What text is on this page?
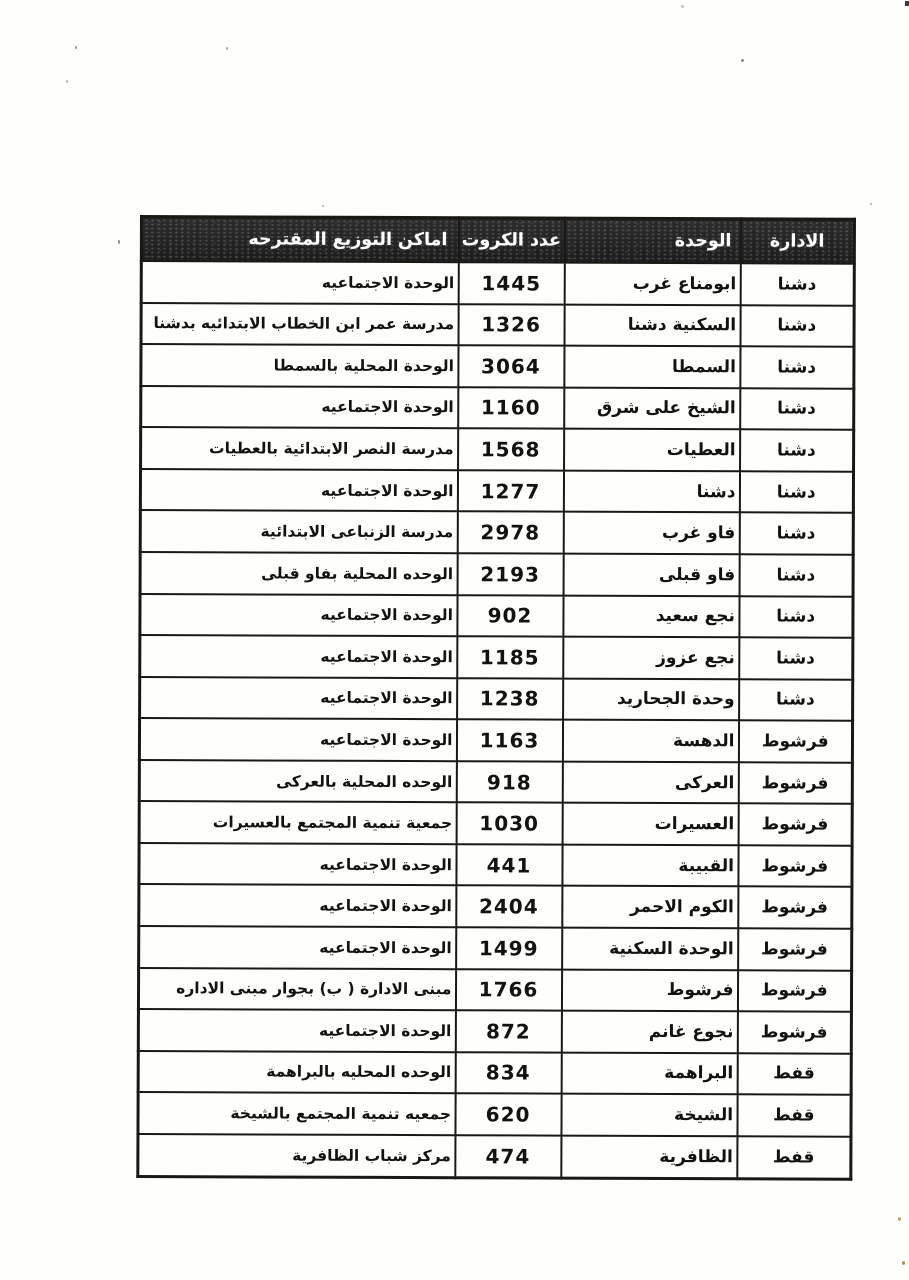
الادارة	الوحدة	عدد الكروت	اماكن التوزيع المقترحه
دشنا	ابومناع غرب	1445	الوحدة الاجتماعيه
دشنا	السكنية دشنا	1326	مدرسة عمر ابن الخطاب الابتدائيه بدشنا
دشنا	السمطا	3064	الوحدة المحلية بالسمطا
دشنا	الشيخ على شرق	1160	الوحدة الاجتماعيه
دشنا	العطيات	1568	مدرسة النصر الابتدائية بالعطيات
دشنا	دشنا	1277	الوحدة الاجتماعيه
دشنا	فاو غرب	2978	مدرسة الزنباعى الابتدائية
دشنا	فاو قبلى	2193	الوحده المحلية بفاو قبلى
دشنا	نجع سعيد	902	الوحدة الاجتماعيه
دشنا	نجع عزوز	1185	الوحدة الاجتماعيه
دشنا	وحدة الجحاريد	1238	الوحدة الاجتماعيه
فرشوط	الدهسة	1163	الوحدة الاجتماعيه
فرشوط	العركى	918	الوحده المحلية بالعركى
فرشوط	العسيرات	1030	جمعية تنمية المجتمع بالعسيرات
فرشوط	القبيبة	441	الوحدة الاجتماعيه
فرشوط	الكوم الاحمر	2404	الوحدة الاجتماعيه
فرشوط	الوحدة السكنية	1499	الوحدة الاجتماعيه
فرشوط	فرشوط	1766	مبنى الادارة ( ب) بجوار مبنى الاداره
فرشوط	نجوع غانم	872	الوحدة الاجتماعيه
قفط	البراهمة	834	الوحده المحليه بالبراهمة
قفط	الشيخة	620	جمعيه تنمية المجتمع بالشيخة
قفط	الظافرية	474	مركز شباب الظافرية
